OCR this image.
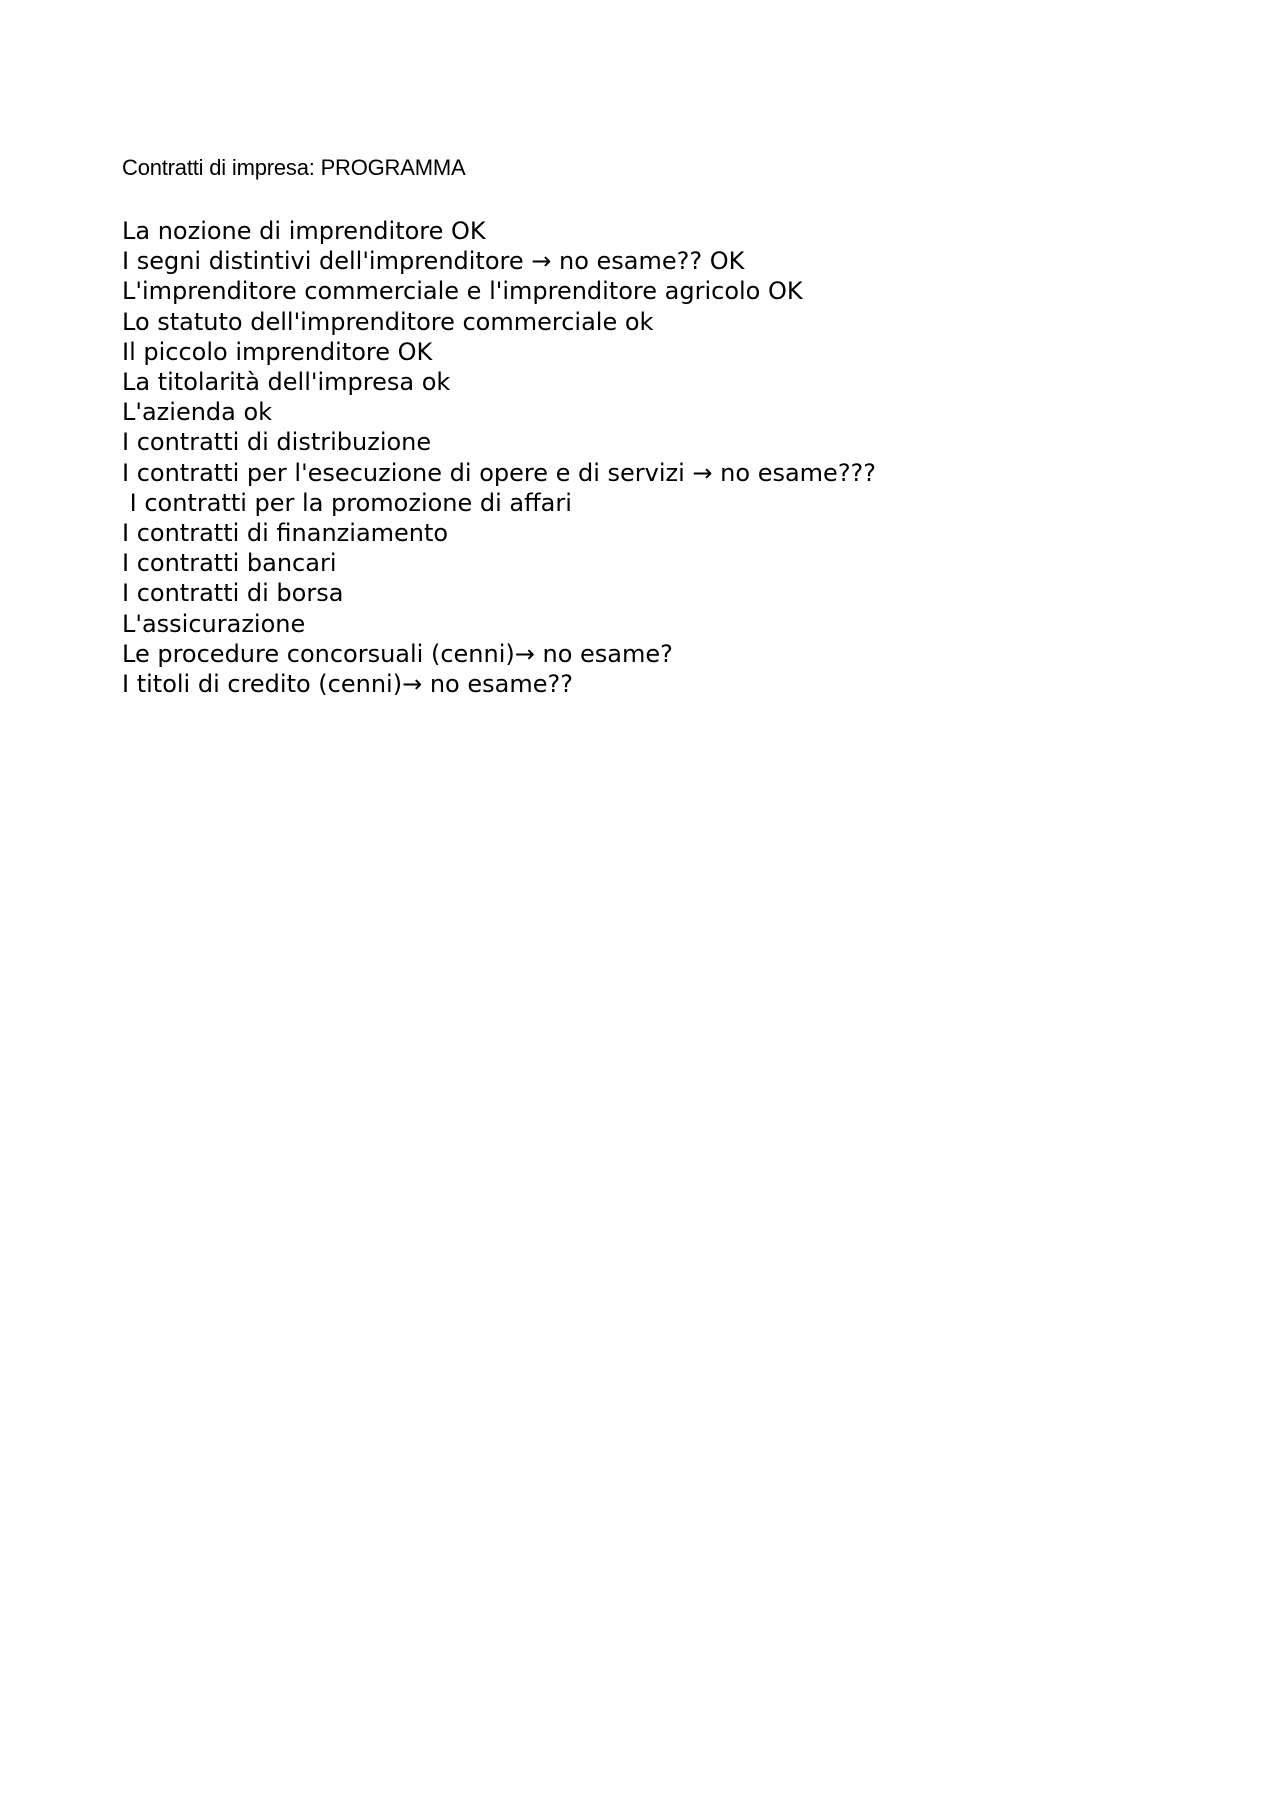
Contratti di impresa: PROGRAMMA
La nozione di imprenditore OK
I segni distintivi dell'imprenditore → no esame?? OK
L'imprenditore commerciale e l'imprenditore agricolo OK
Lo statuto dell'imprenditore commerciale ok
Il piccolo imprenditore OK
La titolarità dell'impresa ok
L'azienda ok
I contratti di distribuzione
I contratti per l'esecuzione di opere e di servizi → no esame???
I contratti per la promozione di affari
I contratti di finanziamento
I contratti bancari
I contratti di borsa
L'assicurazione
Le procedure concorsuali (cenni)→ no esame?
I titoli di credito (cenni)→ no esame??
